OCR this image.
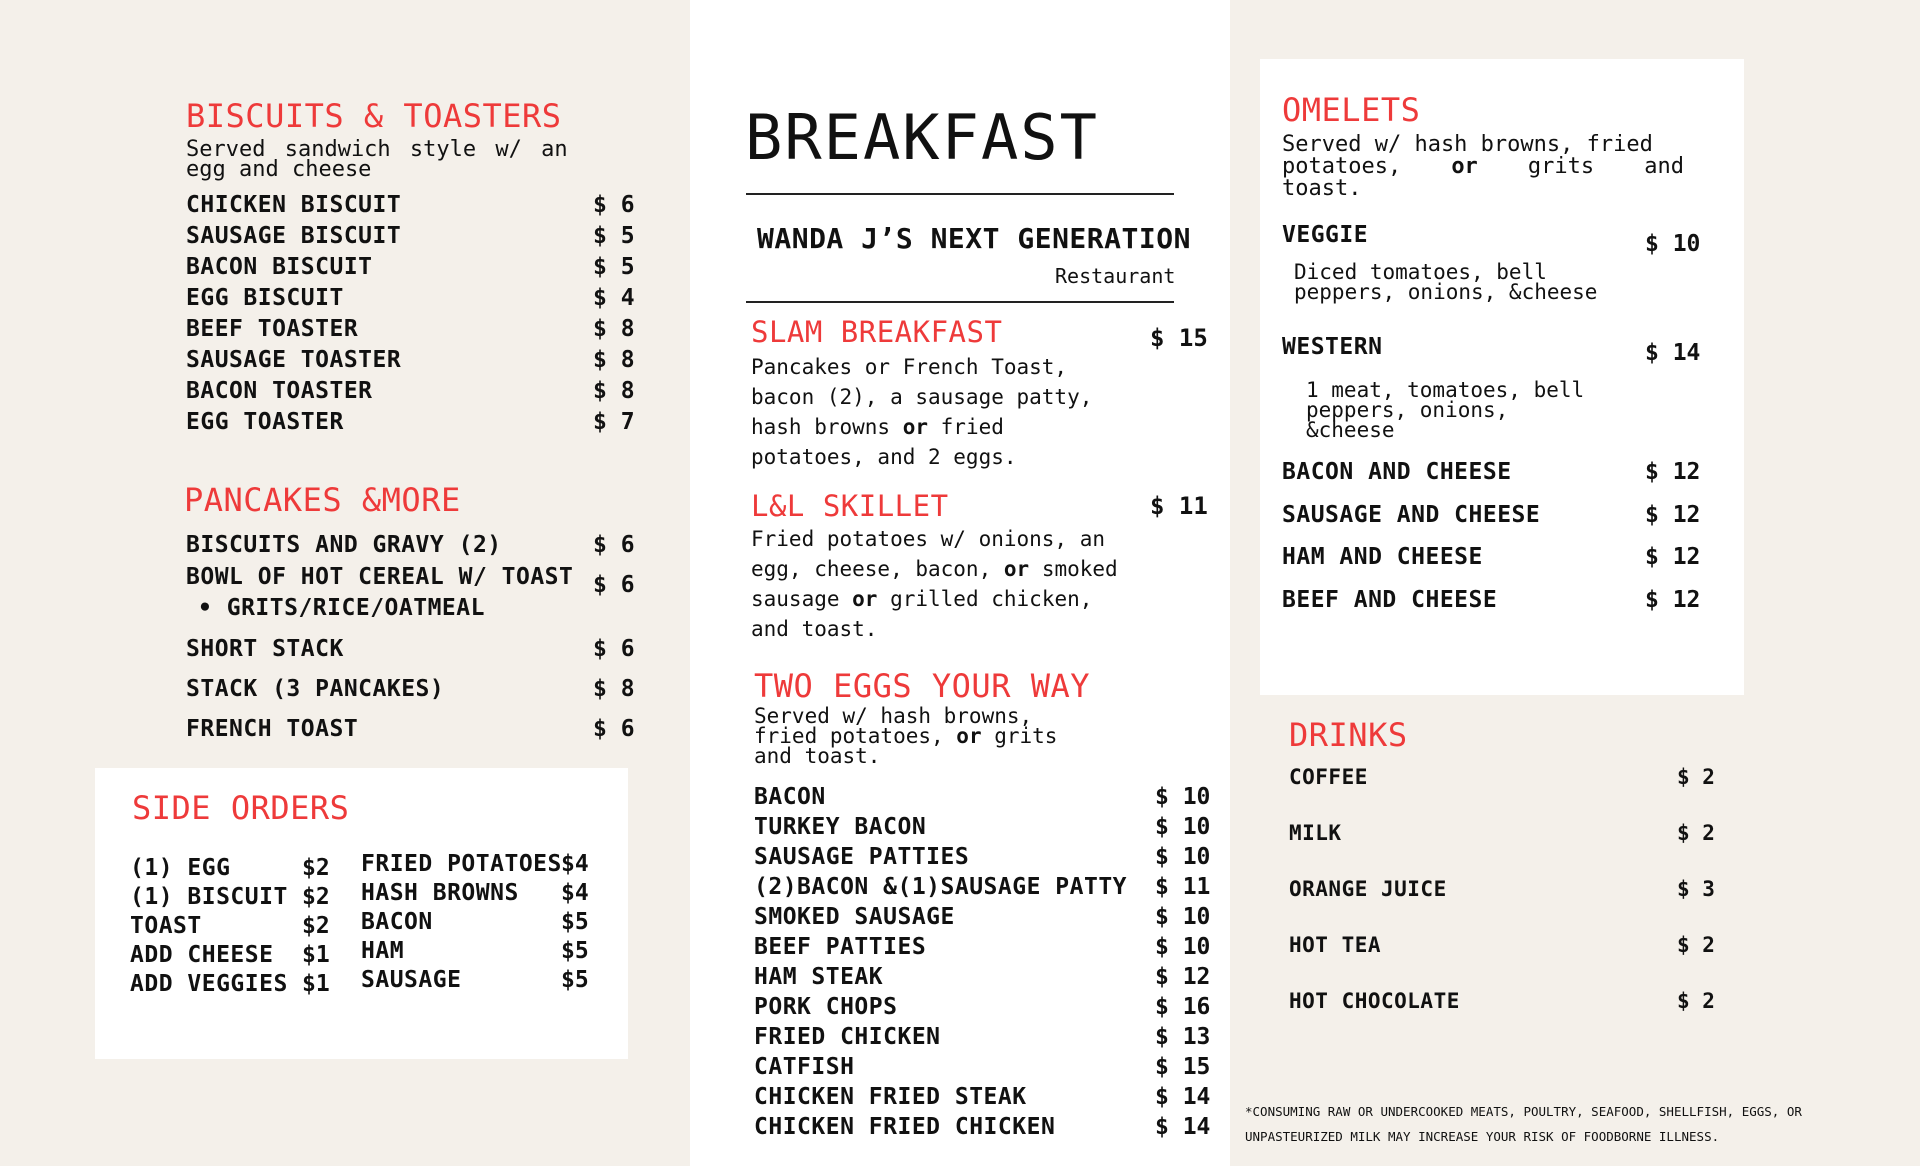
BISCUITS & TOASTERS
Served sandwich style w/ an
egg and cheese
CHICKEN BISCUIT	$ 6
SAUSAGE BISCUIT	$ 5
BACON BISCUIT	$ 5
EGG BISCUIT	$ 4
BEEF TOASTER	$ 8
SAUSAGE TOASTER	$ 8
BACON TOASTER	$ 8
EGG TOASTER	$ 7
PANCAKES &MORE
BISCUITS AND GRAVY (2)	$ 6
BOWL OF HOT CEREAL W/ TOAST $ 6
• GRITS/RICE/OATMEAL
SHORT STACK	$ 6
STACK (3 PANCAKES)	$ 8
FRENCH TOAST	$ 6
SIDE ORDERS
(1) EGG	$2
(1) BISCUIT $2
TOAST	$2
ADD CHEESE $1
ADD VEGGIES $1
FRIED POTATOES $4
HASH BROWNS $4
BACON	$5
HAM	$5
SAUSAGE	$5
BREAKFAST
WANDA J’S NEXT GENERATION
Restaurant
SLAM BREAKFAST	$ 15
Pancakes or French Toast,
bacon (2), a sausage patty,
hash browns or fried
potatoes, and 2 eggs.
L&L SKILLET	$ 11
Fried potatoes w/ onions, an
egg, cheese, bacon, or smoked
sausage or grilled chicken,
and toast.
TWO EGGS YOUR WAY
Served w/ hash browns,
fried potatoes, or grits
and toast.
BACON	$ 10
TURKEY BACON	$ 10
SAUSAGE PATTIES	$ 10
(2)BACON &(1)SAUSAGE PATTY $ 11
SMOKED SAUSAGE	$ 10
BEEF PATTIES	$ 10
HAM STEAK	$ 12
PORK CHOPS	$ 16
FRIED CHICKEN	$ 13
CATFISH	$ 15
CHICKEN FRIED STEAK	$ 14
CHICKEN FRIED CHICKEN	$ 14
OMELETS
Served w/ hash browns, fried
potatoes, or grits and
toast.
VEGGIE	$ 10
Diced tomatoes, bell
peppers, onions, &cheese
WESTERN	$ 14
1 meat, tomatoes, bell
peppers, onions,
&cheese
BACON AND CHEESE	$ 12
SAUSAGE AND CHEESE	$ 12
HAM AND CHEESE	$ 12
BEEF AND CHEESE	$ 12
DRINKS
COFFEE	$ 2
MILK	$ 2
ORANGE JUICE	$ 3
HOT TEA	$ 2
HOT CHOCOLATE	$ 2
*CONSUMING RAW OR UNDERCOOKED MEATS, POULTRY, SEAFOOD, SHELLFISH, EGGS, OR
UNPASTEURIZED MILK MAY INCREASE YOUR RISK OF FOODBORNE ILLNESS.
